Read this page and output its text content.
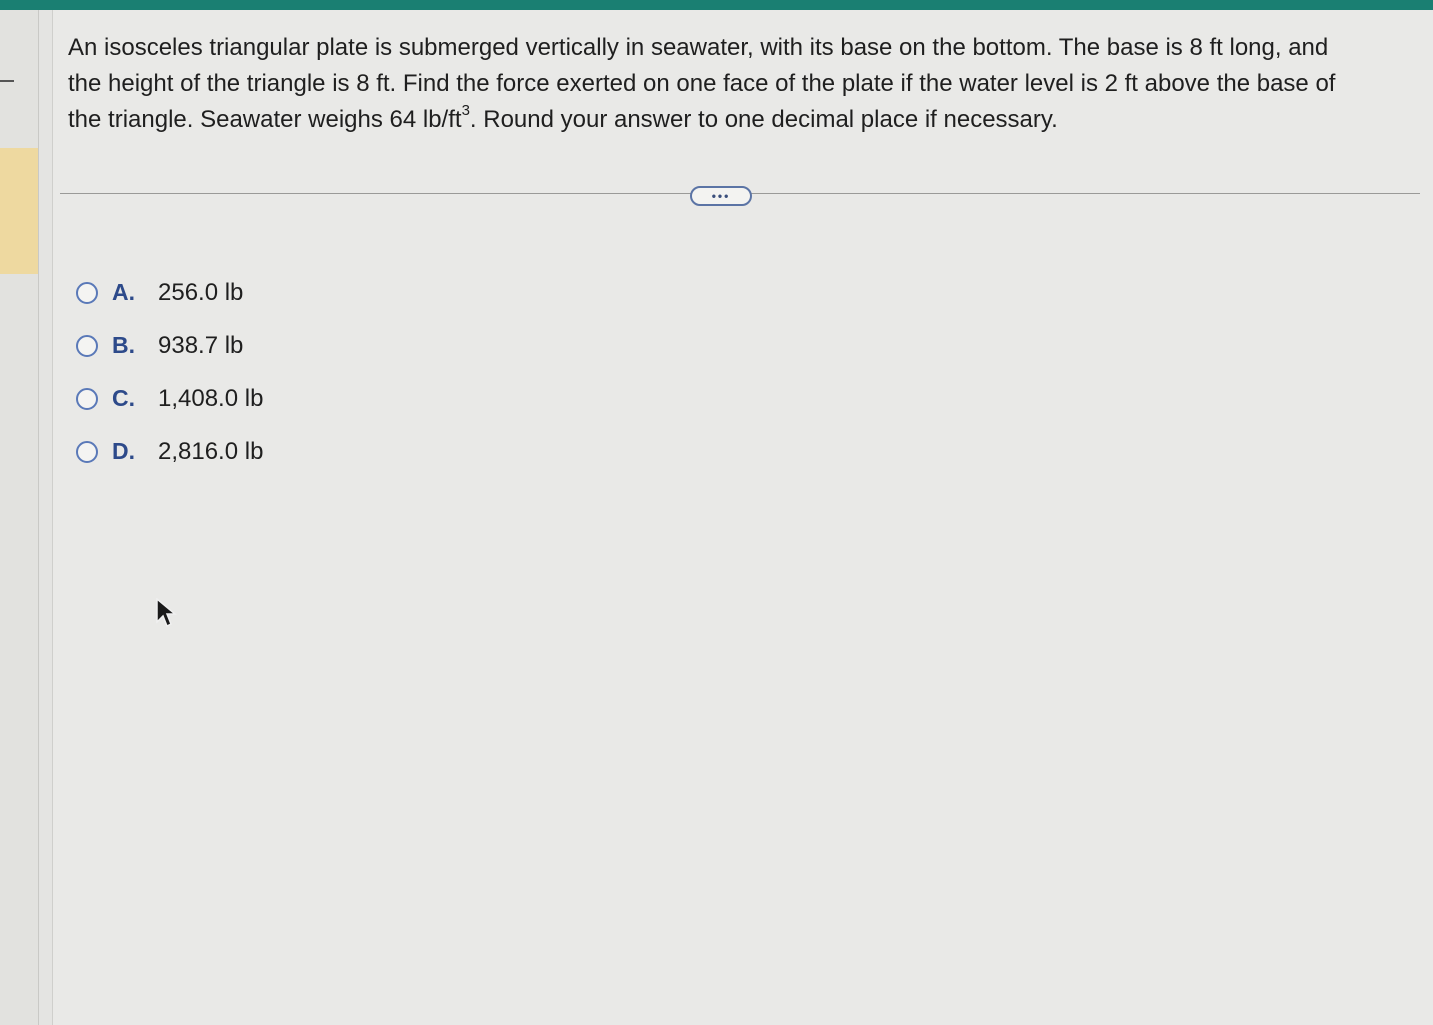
An isosceles triangular plate is submerged vertically in seawater, with its base on the bottom. The base is 8 ft long, and
the height of the triangle is 8 ft. Find the force exerted on one face of the plate if the water level is 2 ft above the base of
the triangle. Seawater weighs 64 $lb/ft^3$. Round your answer to one decimal place if necessary.
•••
A. 256.0 lb
B. 938.7 lb
C. 1,408.0 lb
D. 2,816.0 lb
